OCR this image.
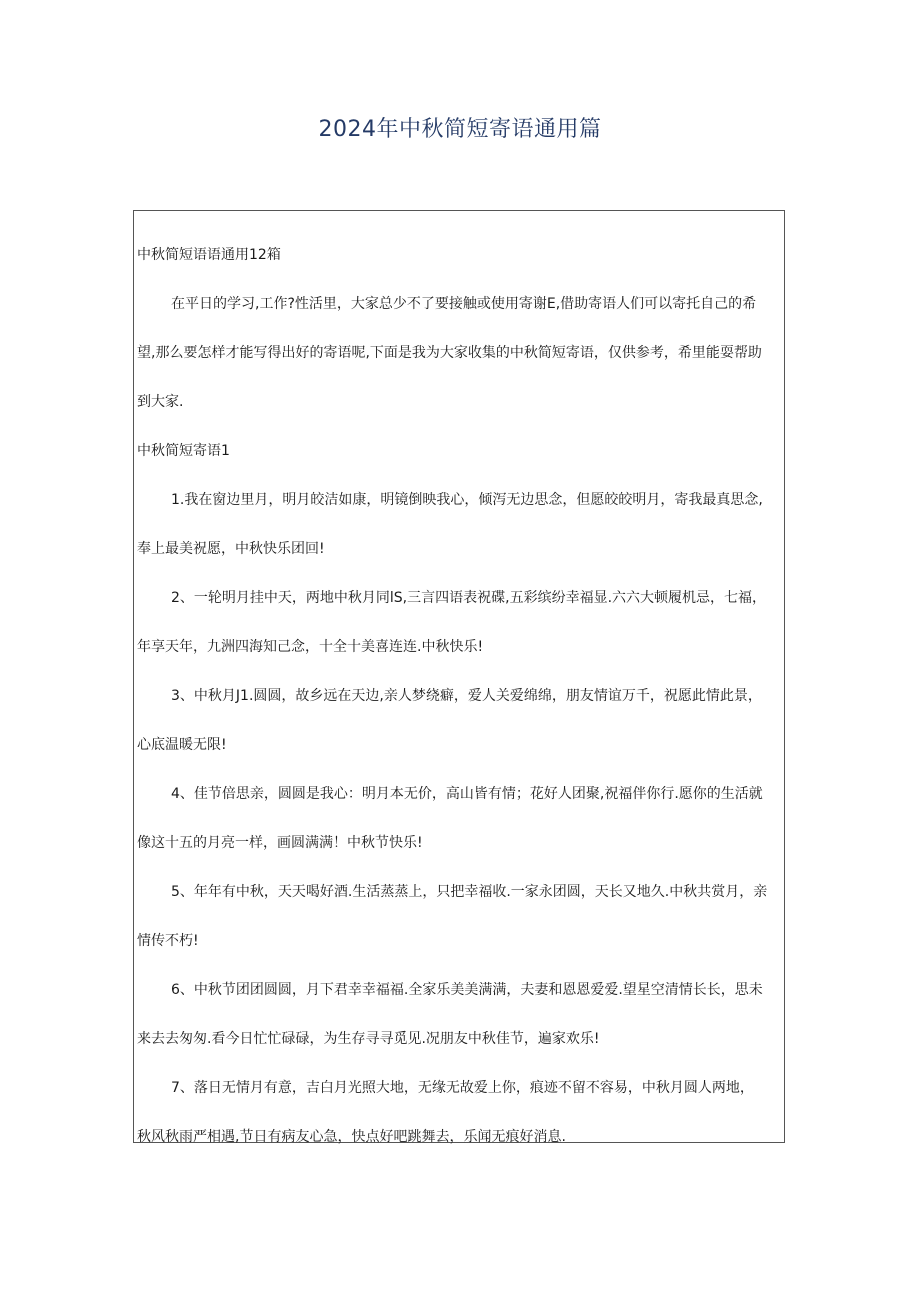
2024年中秋简短寄语通用篇

中秋简短语语通用12箱

在平日的学习,工作?性活里，大家总少不了要接触或使用寄谢E,借助寄语人们可以寄托自己的希

望,那么要怎样才能写得出好的寄语呢,下面是我为大家收集的中秋简短寄语，仅供参考，希里能耍帮助

到大家.

中秋简短寄语1

1.我在窗边里月，明月皎洁如康，明镜倒映我心，倾泻无边思念，但愿皎皎明月，寄我最真思念,

奉上最美祝愿，中秋快乐团回!

2、一轮明月挂中天，两地中秋月同lS,三言四语表祝碟,五彩缤纷幸福显.六六大顿履机忌，七福，

年享天年，九洲四海知己念，十全十美喜连连.中秋快乐!

3、中秋月J1.圆圆，故乡远在天边,亲人梦绕癖，爱人关爱绵绵，朋友情谊万千，祝愿此情此景，

心底温暖无限!

4、佳节倍思亲，圆圆是我心：明月本无价，高山皆有情；花好人团聚,祝福伴你行.愿你的生活就

像这十五的月亮一样，画圆满满！中秋节快乐!

5、年年有中秋，天天喝好酒.生活蒸蒸上，只把幸福收.一家永团圆，天长又地久.中秋共赏月，亲

情传不朽!

6、中秋节团团圆圆，月下君幸幸福福.全家乐美美满满，夫妻和恩恩爱爱.望星空清情长长，思未

来去去匆匆.看今日忙忙碌碌，为生存寻寻觅见.况朋友中秋佳节，遍家欢乐!

7、落日无情月有意，吉白月光照大地，无缘无故爱上你，痕迹不留不容易，中秋月圆人两地，

秋风秋雨严相遇,节日有病友心急，快点好吧跳舞去，乐闻无痕好消息.
